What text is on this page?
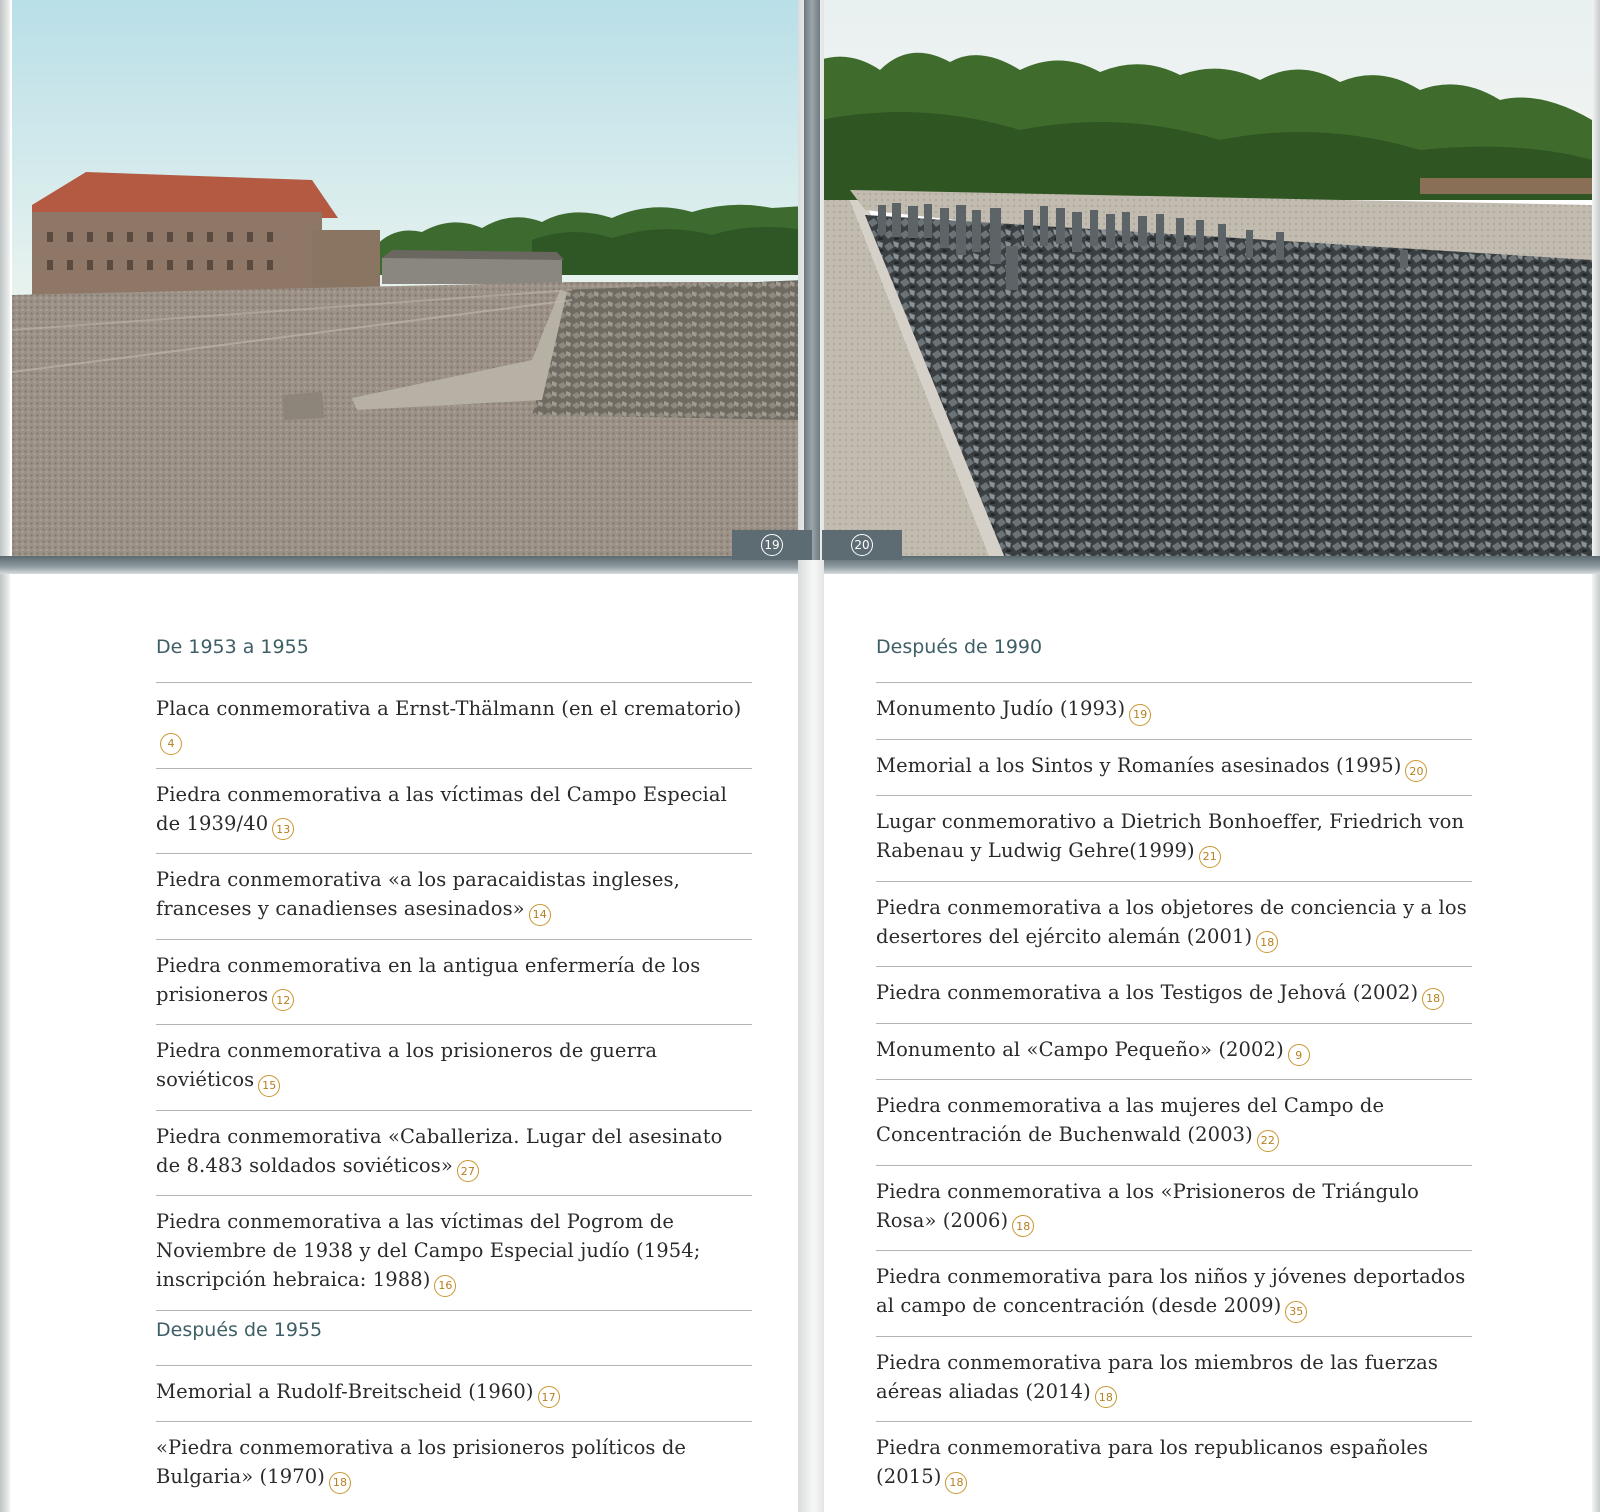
19	20
De 1953 a 1955
Placa conmemorativa a Ernst-Thälmann (en el crematorio)4
Piedra conmemorativa a las víctimas del Campo Especial de 1939/40 13
Piedra conmemorativa «a los paracaidistas ingleses, franceses y canadienses asesinados» 14
Piedra conmemorativa en la antigua enfermería de los prisioneros 12
Piedra conmemorativa a los prisioneros de guerra soviéticos 15
Piedra conmemorativa «Caballeriza. Lugar del asesinato de 8.483 soldados soviéticos» 27
Piedra conmemorativa a las víctimas del Pogrom de Noviembre de 1938 y del Campo Especial judío (1954; inscripción hebraica: 1988) 16
Después de 1955
Memorial a Rudolf-Breitscheid (1960) 17
«Piedra conmemorativa a los prisioneros políticos de Bulgaria» (1970) 18
Después de 1990
Monumento Judío (1993) 19
Memorial a los Sintos y Romaníes asesinados (1995) 20
Lugar conmemorativo a Dietrich Bonhoeffer, Friedrich von Rabenau y Ludwig Gehre(1999) 21
Piedra conmemorativa a los objetores de conciencia y a los desertores del ejército alemán (2001) 18
Piedra conmemorativa a los Testigos de Jehová (2002) 18
Monumento al «Campo Pequeño» (2002) 9
Piedra conmemorativa a las mujeres del Campo de Concentración de Buchenwald (2003) 22
Piedra conmemorativa a los «Prisioneros de Triángulo Rosa» (2006) 18
Piedra conmemorativa para los niños y jóvenes deportados al campo de concentración (desde 2009) 35
Piedra conmemorativa para los miembros de las fuerzas aéreas aliadas (2014) 18
Piedra conmemorativa para los republicanos españoles (2015) 18
